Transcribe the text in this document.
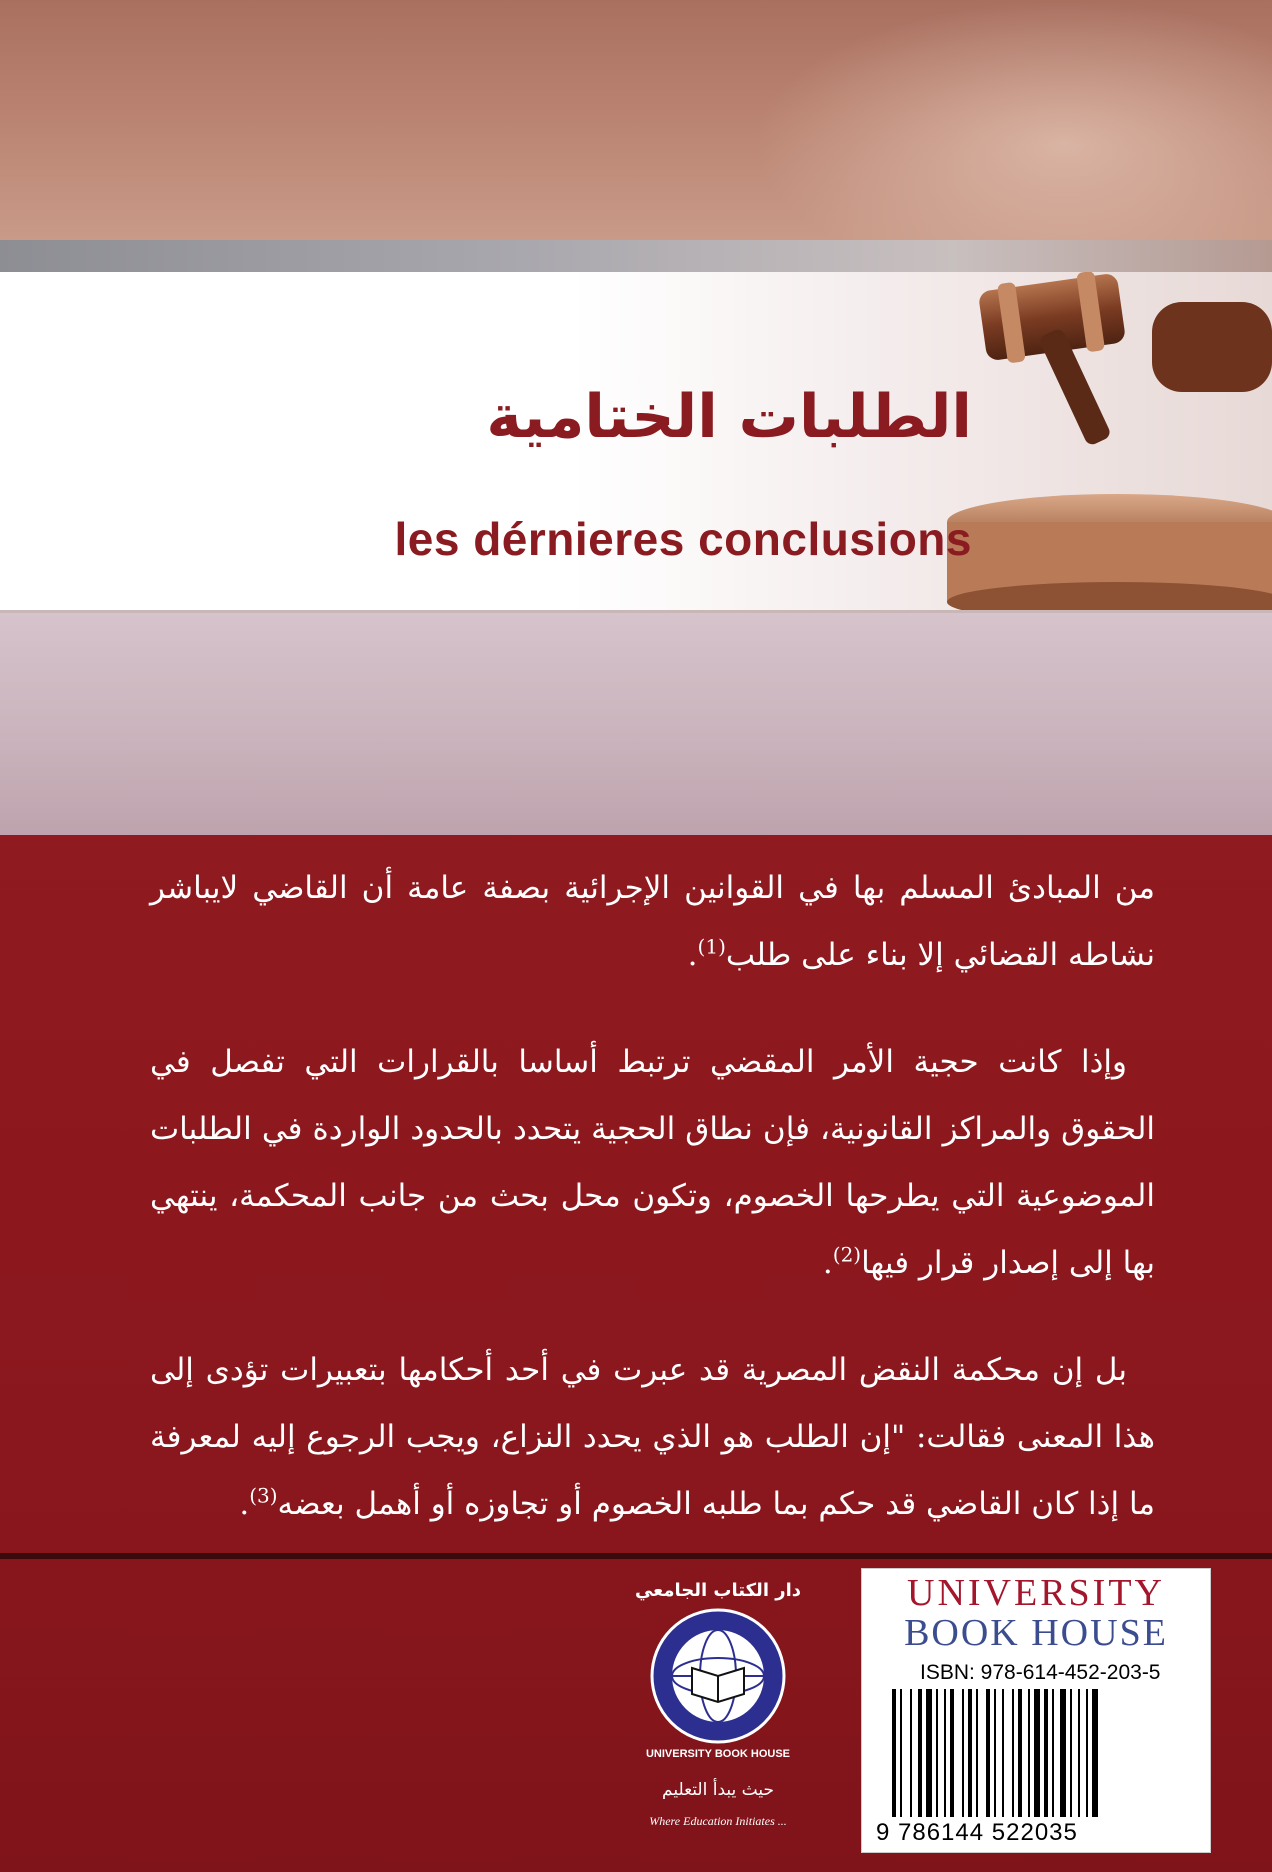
الطلبات الختامية
les dérnieres conclusions

من المبادئ المسلم بها في القوانين الإجرائية بصفة عامة أن القاضي لايباشر نشاطه القضائي إلا بناء على طلب$^{(1)}$.

وإذا كانت حجية الأمر المقضي ترتبط أساسا بالقرارات التي تفصل في الحقوق والمراكز القانونية، فإن نطاق الحجية يتحدد بالحدود الواردة في الطلبات الموضوعية التي يطرحها الخصوم، وتكون محل بحث من جانب المحكمة، ينتهي بها إلى إصدار قرار فيها$^{(2)}$.

بل إن محكمة النقض المصرية قد عبرت في أحد أحكامها بتعبيرات تؤدى إلى هذا المعنى فقالت: "إن الطلب هو الذي يحدد النزاع، ويجب الرجوع إليه لمعرفة ما إذا كان القاضي قد حكم بما طلبه الخصوم أو تجاوزه أو أهمل بعضه$^{(3)}$.

دار الكتاب الجامعي
UNIVERSITY BOOK HOUSE
حيث يبدأ التعليم
Where Education Initiates ...
UNIVERSITY
BOOK HOUSE
ISBN: 978-614-452-203-5
9 786144 522035
